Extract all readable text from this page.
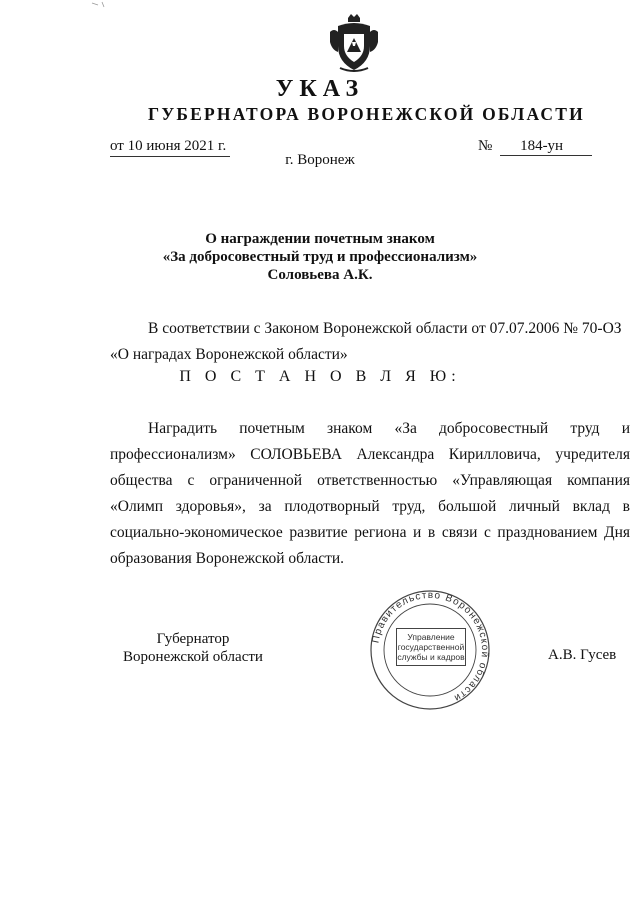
УКАЗ
ГУБЕРНАТОРА ВОРОНЕЖСКОЙ ОБЛАСТИ
от 10 июня 2021 г.	№ 184-ун
г. Воронеж
О награждении почетным знаком
«За добросовестный труд и профессионализм»
Соловьева А.К.
В соответствии с Законом Воронежской области от 07.07.2006 № 70-ОЗ
«О наградах Воронежской области»
П О С Т А Н О В Л Я Ю:
Наградить почетным знаком «За добросовестный труд и профессионализм» СОЛОВЬЕВА Александра Кирилловича, учредителя общества с ограниченной ответственностью «Управляющая компания «Олимп здоровья», за плодотворный труд, большой личный вклад в социально-экономическое развитие региона и в связи с празднованием Дня образования Воронежской области.
Губернатор
Воронежской области
Правительство Воронежской области
Управление
государственной
службы и кадров	А.В. Гусев
